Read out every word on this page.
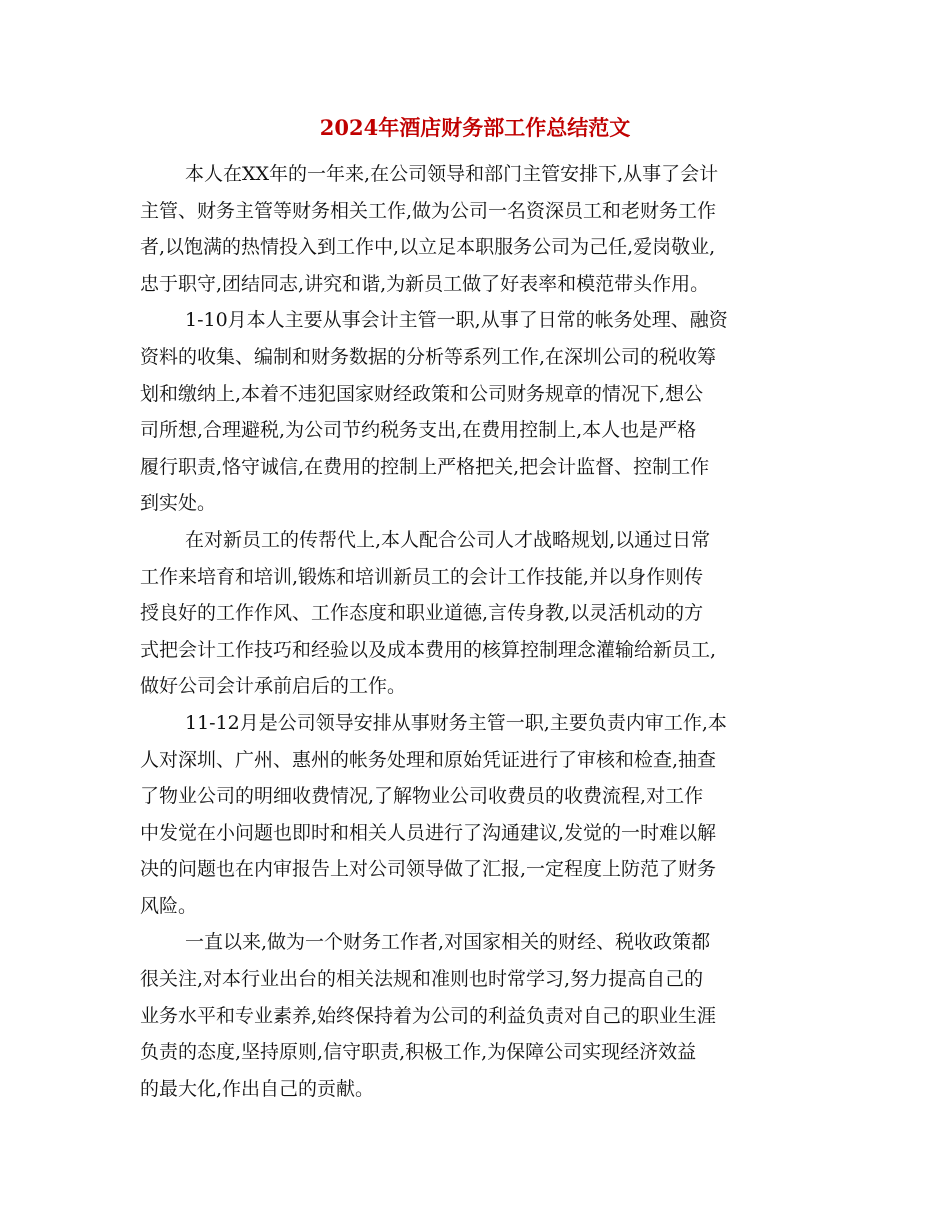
2024年酒店财务部工作总结范文
本人在XX年的一年来,在公司领导和部门主管安排下,从事了会计
主管、财务主管等财务相关工作,做为公司一名资深员工和老财务工作
者,以饱满的热情投入到工作中,以立足本职服务公司为己任,爱岗敬业,
忠于职守,团结同志,讲究和谐,为新员工做了好表率和模范带头作用。
1-10月本人主要从事会计主管一职,从事了日常的帐务处理、融资
资料的收集、编制和财务数据的分析等系列工作,在深圳公司的税收筹
划和缴纳上,本着不违犯国家财经政策和公司财务规章的情况下,想公
司所想,合理避税,为公司节约税务支出,在费用控制上,本人也是严格
履行职责,恪守诚信,在费用的控制上严格把关,把会计监督、控制工作
到实处。
在对新员工的传帮代上,本人配合公司人才战略规划,以通过日常
工作来培育和培训,锻炼和培训新员工的会计工作技能,并以身作则传
授良好的工作作风、工作态度和职业道德,言传身教,以灵活机动的方
式把会计工作技巧和经验以及成本费用的核算控制理念灌输给新员工,
做好公司会计承前启后的工作。
11-12月是公司领导安排从事财务主管一职,主要负责内审工作,本
人对深圳、广州、惠州的帐务处理和原始凭证进行了审核和检查,抽查
了物业公司的明细收费情况,了解物业公司收费员的收费流程,对工作
中发觉在小问题也即时和相关人员进行了沟通建议,发觉的一时难以解
决的问题也在内审报告上对公司领导做了汇报,一定程度上防范了财务
风险。
一直以来,做为一个财务工作者,对国家相关的财经、税收政策都
很关注,对本行业出台的相关法规和准则也时常学习,努力提高自己的
业务水平和专业素养,始终保持着为公司的利益负责对自己的职业生涯
负责的态度,坚持原则,信守职责,积极工作,为保障公司实现经济效益
的最大化,作出自己的贡献。
